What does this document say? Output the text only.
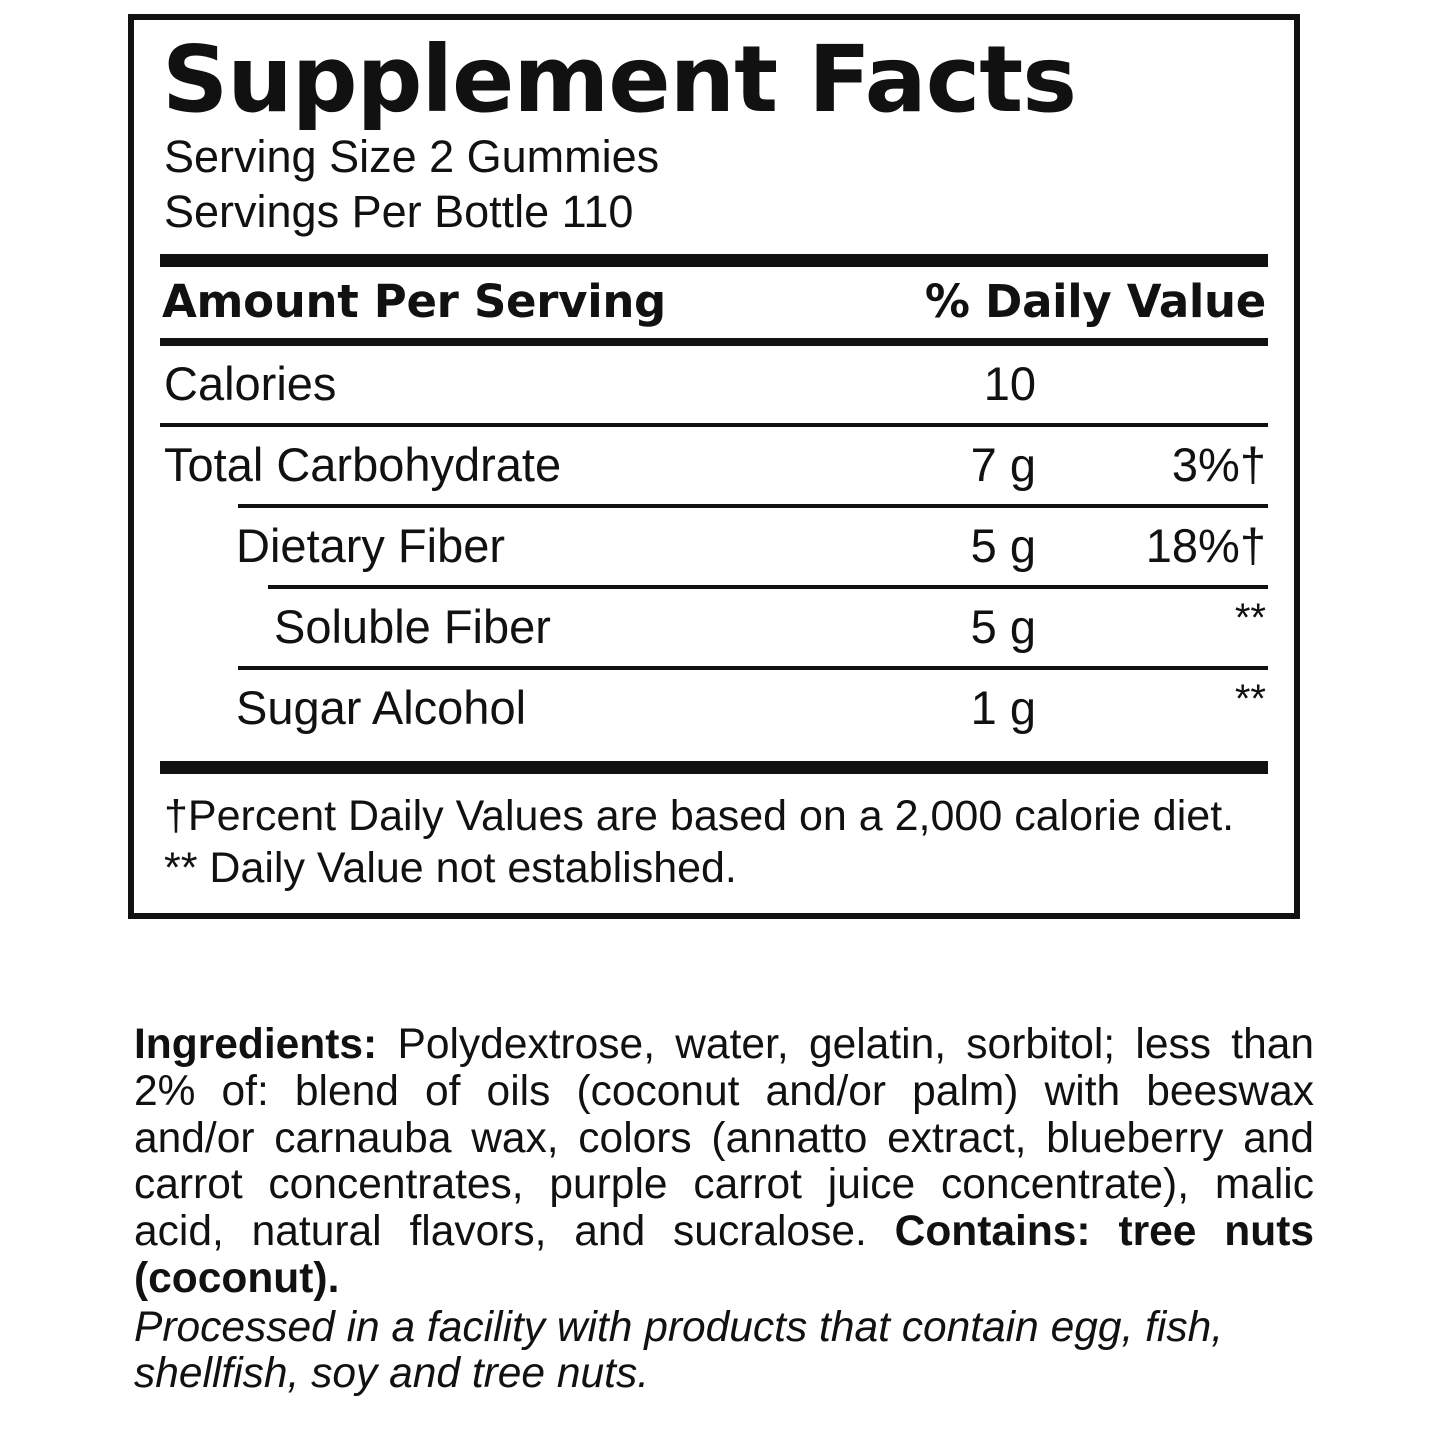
Supplement Facts
Serving Size 2 Gummies
Servings Per Bottle 110
Amount Per Serving	% Daily Value
Calories	10
Total Carbohydrate	7 g	3%†
Dietary Fiber	5 g	18%†
Soluble Fiber	5 g	**
Sugar Alcohol	1 g	**
†Percent Daily Values are based on a 2,000 calorie diet.
** Daily Value not established.

Ingredients: Polydextrose, water, gelatin, sorbitol; less than 2% of: blend of oils (coconut and/or palm) with beeswax and/or carnauba wax, colors (annatto extract, blueberry and carrot concentrates, purple carrot juice concentrate), malic acid, natural flavors, and sucralose. Contains: tree nuts (coconut).

Processed in a facility with products that contain egg, fish, shellfish, soy and tree nuts.
